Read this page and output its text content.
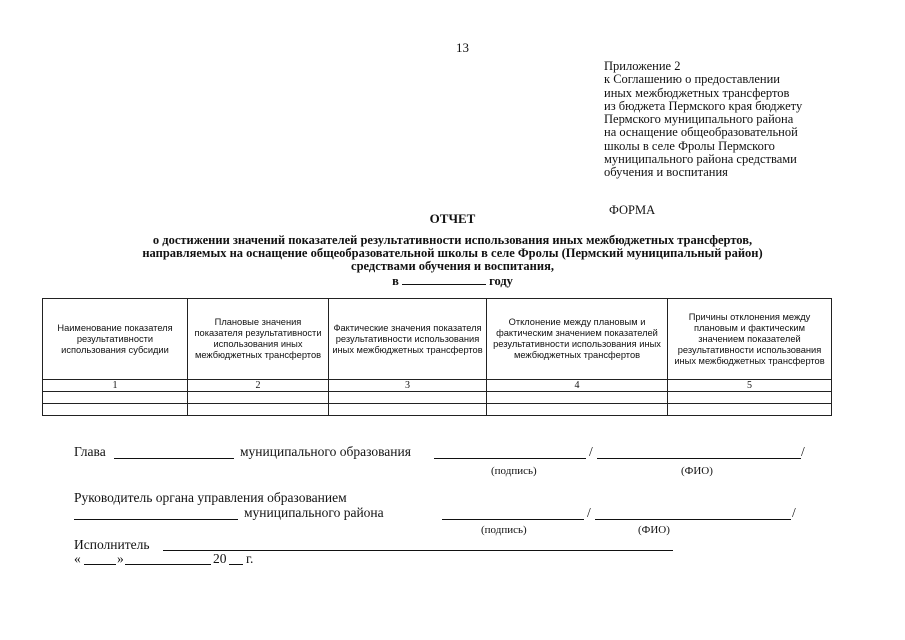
13
Приложение 2
к Соглашению о предоставлении
иных межбюджетных трансфертов
из бюджета Пермского края бюджету
Пермского муниципального района
на оснащение общеобразовательной
школы в селе Фролы Пермского
муниципального района средствами
обучения и воспитания
ФОРМА
ОТЧЕТ
о достижении значений показателей результативности использования иных межбюджетных трансфертов,
направляемых на оснащение общеобразовательной школы в селе Фролы (Пермский муниципальный район)
средствами обучения и воспитания,
в	году
Наименование показателя результативности использования субсидии	Плановые значения показателя результативности использования иных межбюджетных трансфертов	Фактические значения показателя результативности использования иных межбюджетных трансфертов	Отклонение между плановым и фактическим значением показателей результативности использования иных межбюджетных трансфертов	Причины отклонения между плановым и фактическим значением показателей результативности использования иных межбюджетных трансфертов
1	2	3	4	5

Глава	муниципального образования	/	/
(подпись)	(ФИО)
Руководитель органа управления образованием
муниципального района	/	/
(подпись)	(ФИО)
Исполнитель
«	»	20 г.
